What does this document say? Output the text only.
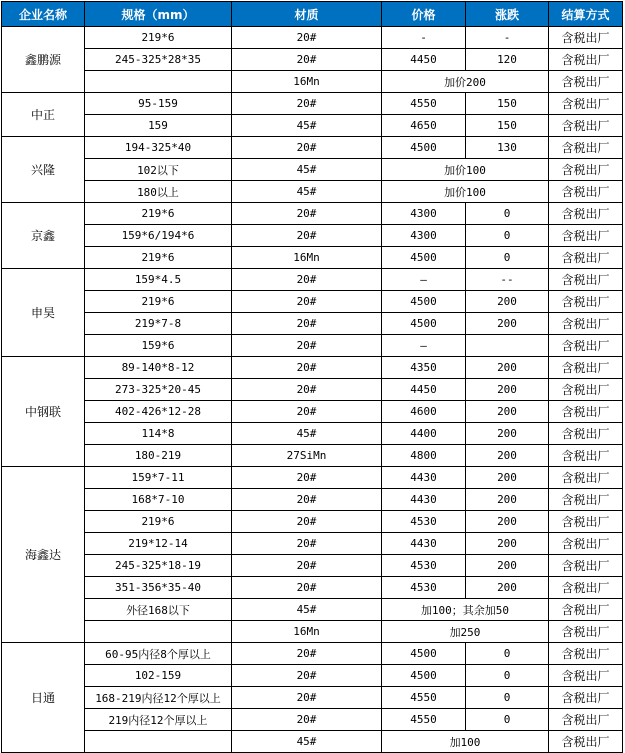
企业名称	规格（mm）	材质	价格	涨跌	结算方式
鑫鹏源	219*6	20#	-	-	含税出厂
	245-325*28*35	20#	4450	120	含税出厂
		16Mn	加价200		含税出厂
中正	95-159	20#	4550	150	含税出厂
	159	45#	4650	150	含税出厂
兴隆	194-325*40	20#	4500	130	含税出厂
	102以下	45#	加价100		含税出厂
	180以上	45#	加价100		含税出厂
京鑫	219*6	20#	4300	0	含税出厂
	159*6/194*6	20#	4300	0	含税出厂
	219*6	16Mn	4500	0	含税出厂
申昊	159*4.5	20#	—	--	含税出厂
	219*6	20#	4500	200	含税出厂
	219*7-8	20#	4500	200	含税出厂
	159*6	20#	—		含税出厂
中钢联	89-140*8-12	20#	4350	200	含税出厂
	273-325*20-45	20#	4450	200	含税出厂
	402-426*12-28	20#	4600	200	含税出厂
	114*8	45#	4400	200	含税出厂
	180-219	27SiMn	4800	200	含税出厂
海鑫达	159*7-11	20#	4430	200	含税出厂
	168*7-10	20#	4430	200	含税出厂
	219*6	20#	4530	200	含税出厂
	219*12-14	20#	4430	200	含税出厂
	245-325*18-19	20#	4530	200	含税出厂
	351-356*35-40	20#	4530	200	含税出厂
	外径168以下	45#	加100；其余加50		含税出厂
		16Mn	加250		含税出厂
日通	60-95内径8个厚以上	20#	4500	0	含税出厂
	102-159	20#	4500	0	含税出厂
	168-219内径12个厚以上	20#	4550	0	含税出厂
	219内径12个厚以上	20#	4550	0	含税出厂
		45#	加100		含税出厂
